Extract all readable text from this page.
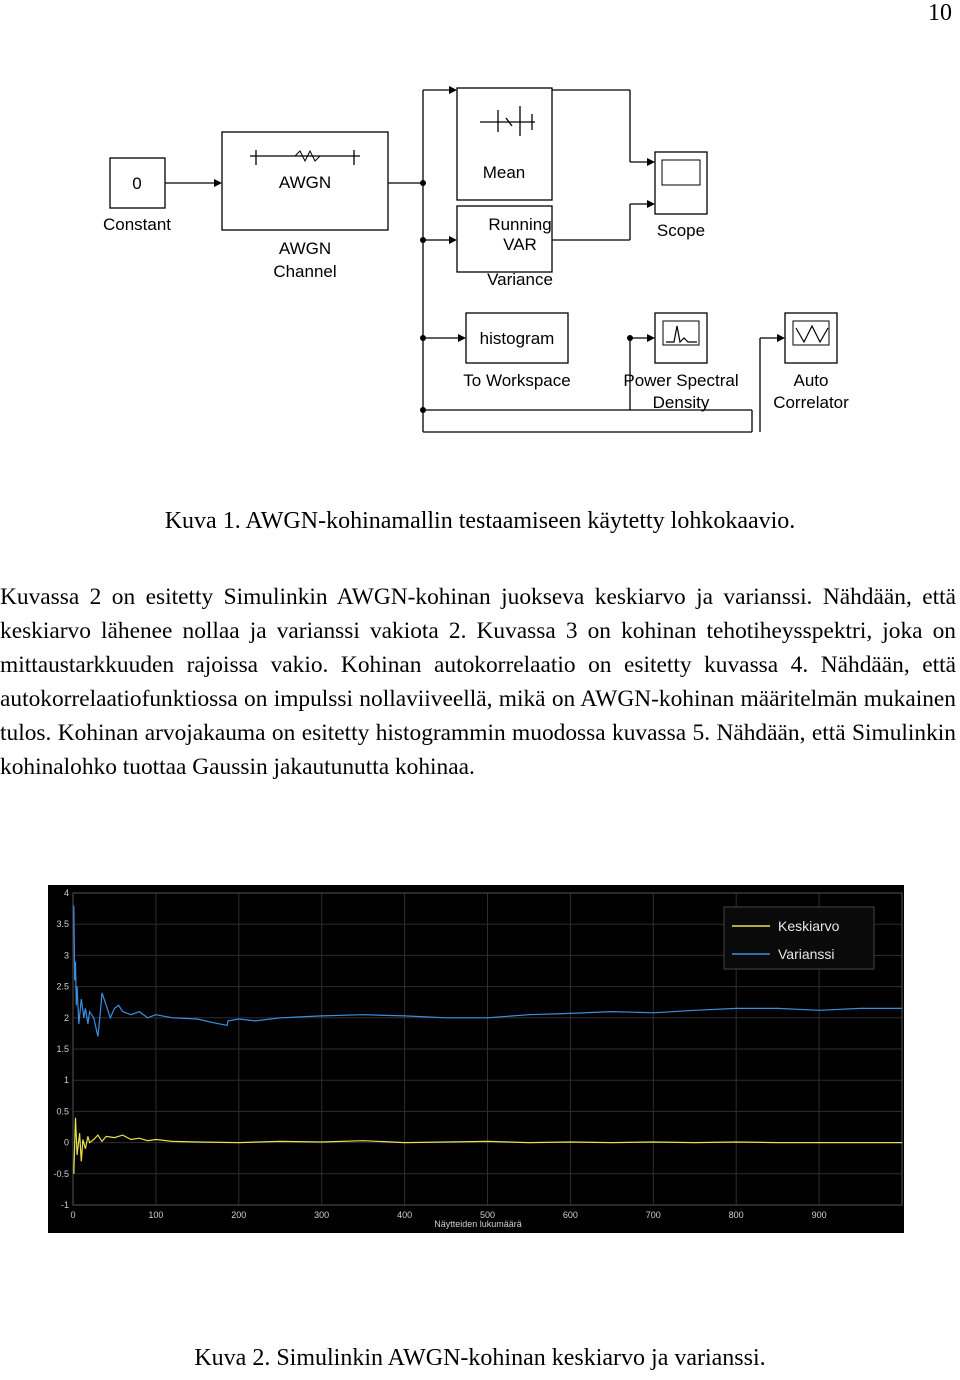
10
0
Constant
AWGN
AWGN
Channel
Mean
Running
VAR
Variance
Scope
histogram
To Workspace	Power Spectral
Density
Auto
Correlator
Kuva 1. AWGN-kohinamallin testaamiseen käytetty lohkokaavio.

Kuvassa 2 on esitetty Simulinkin AWGN-kohinan juokseva keskiarvo ja varianssi. Nähdään, että keskiarvo lähenee nollaa ja varianssi vakiota 2. Kuvassa 3 on kohinan tehotiheysspektri, joka on mittaustarkkuuden rajoissa vakio. Kohinan autokorrelaatio on esitetty kuvassa 4. Nähdään, että autokorrelaatiofunktiossa on impulssi nollaviiveellä, mikä on AWGN-kohinan määritelmän mukainen tulos. Kohinan arvojakauma on esitetty histogrammin muodossa kuvassa 5. Nähdään, että Simulinkin kohinalohko tuottaa Gaussin jakautunutta kohinaa.

0	100	200	300	400	500	600	700	800	900
-1
-0.5
0
0.5
1
1.5
2
2.5
3
3.5
4
Näytteiden lukumäärä
Keskiarvo
Varianssi
Kuva 2. Simulinkin AWGN-kohinan keskiarvo ja varianssi.
